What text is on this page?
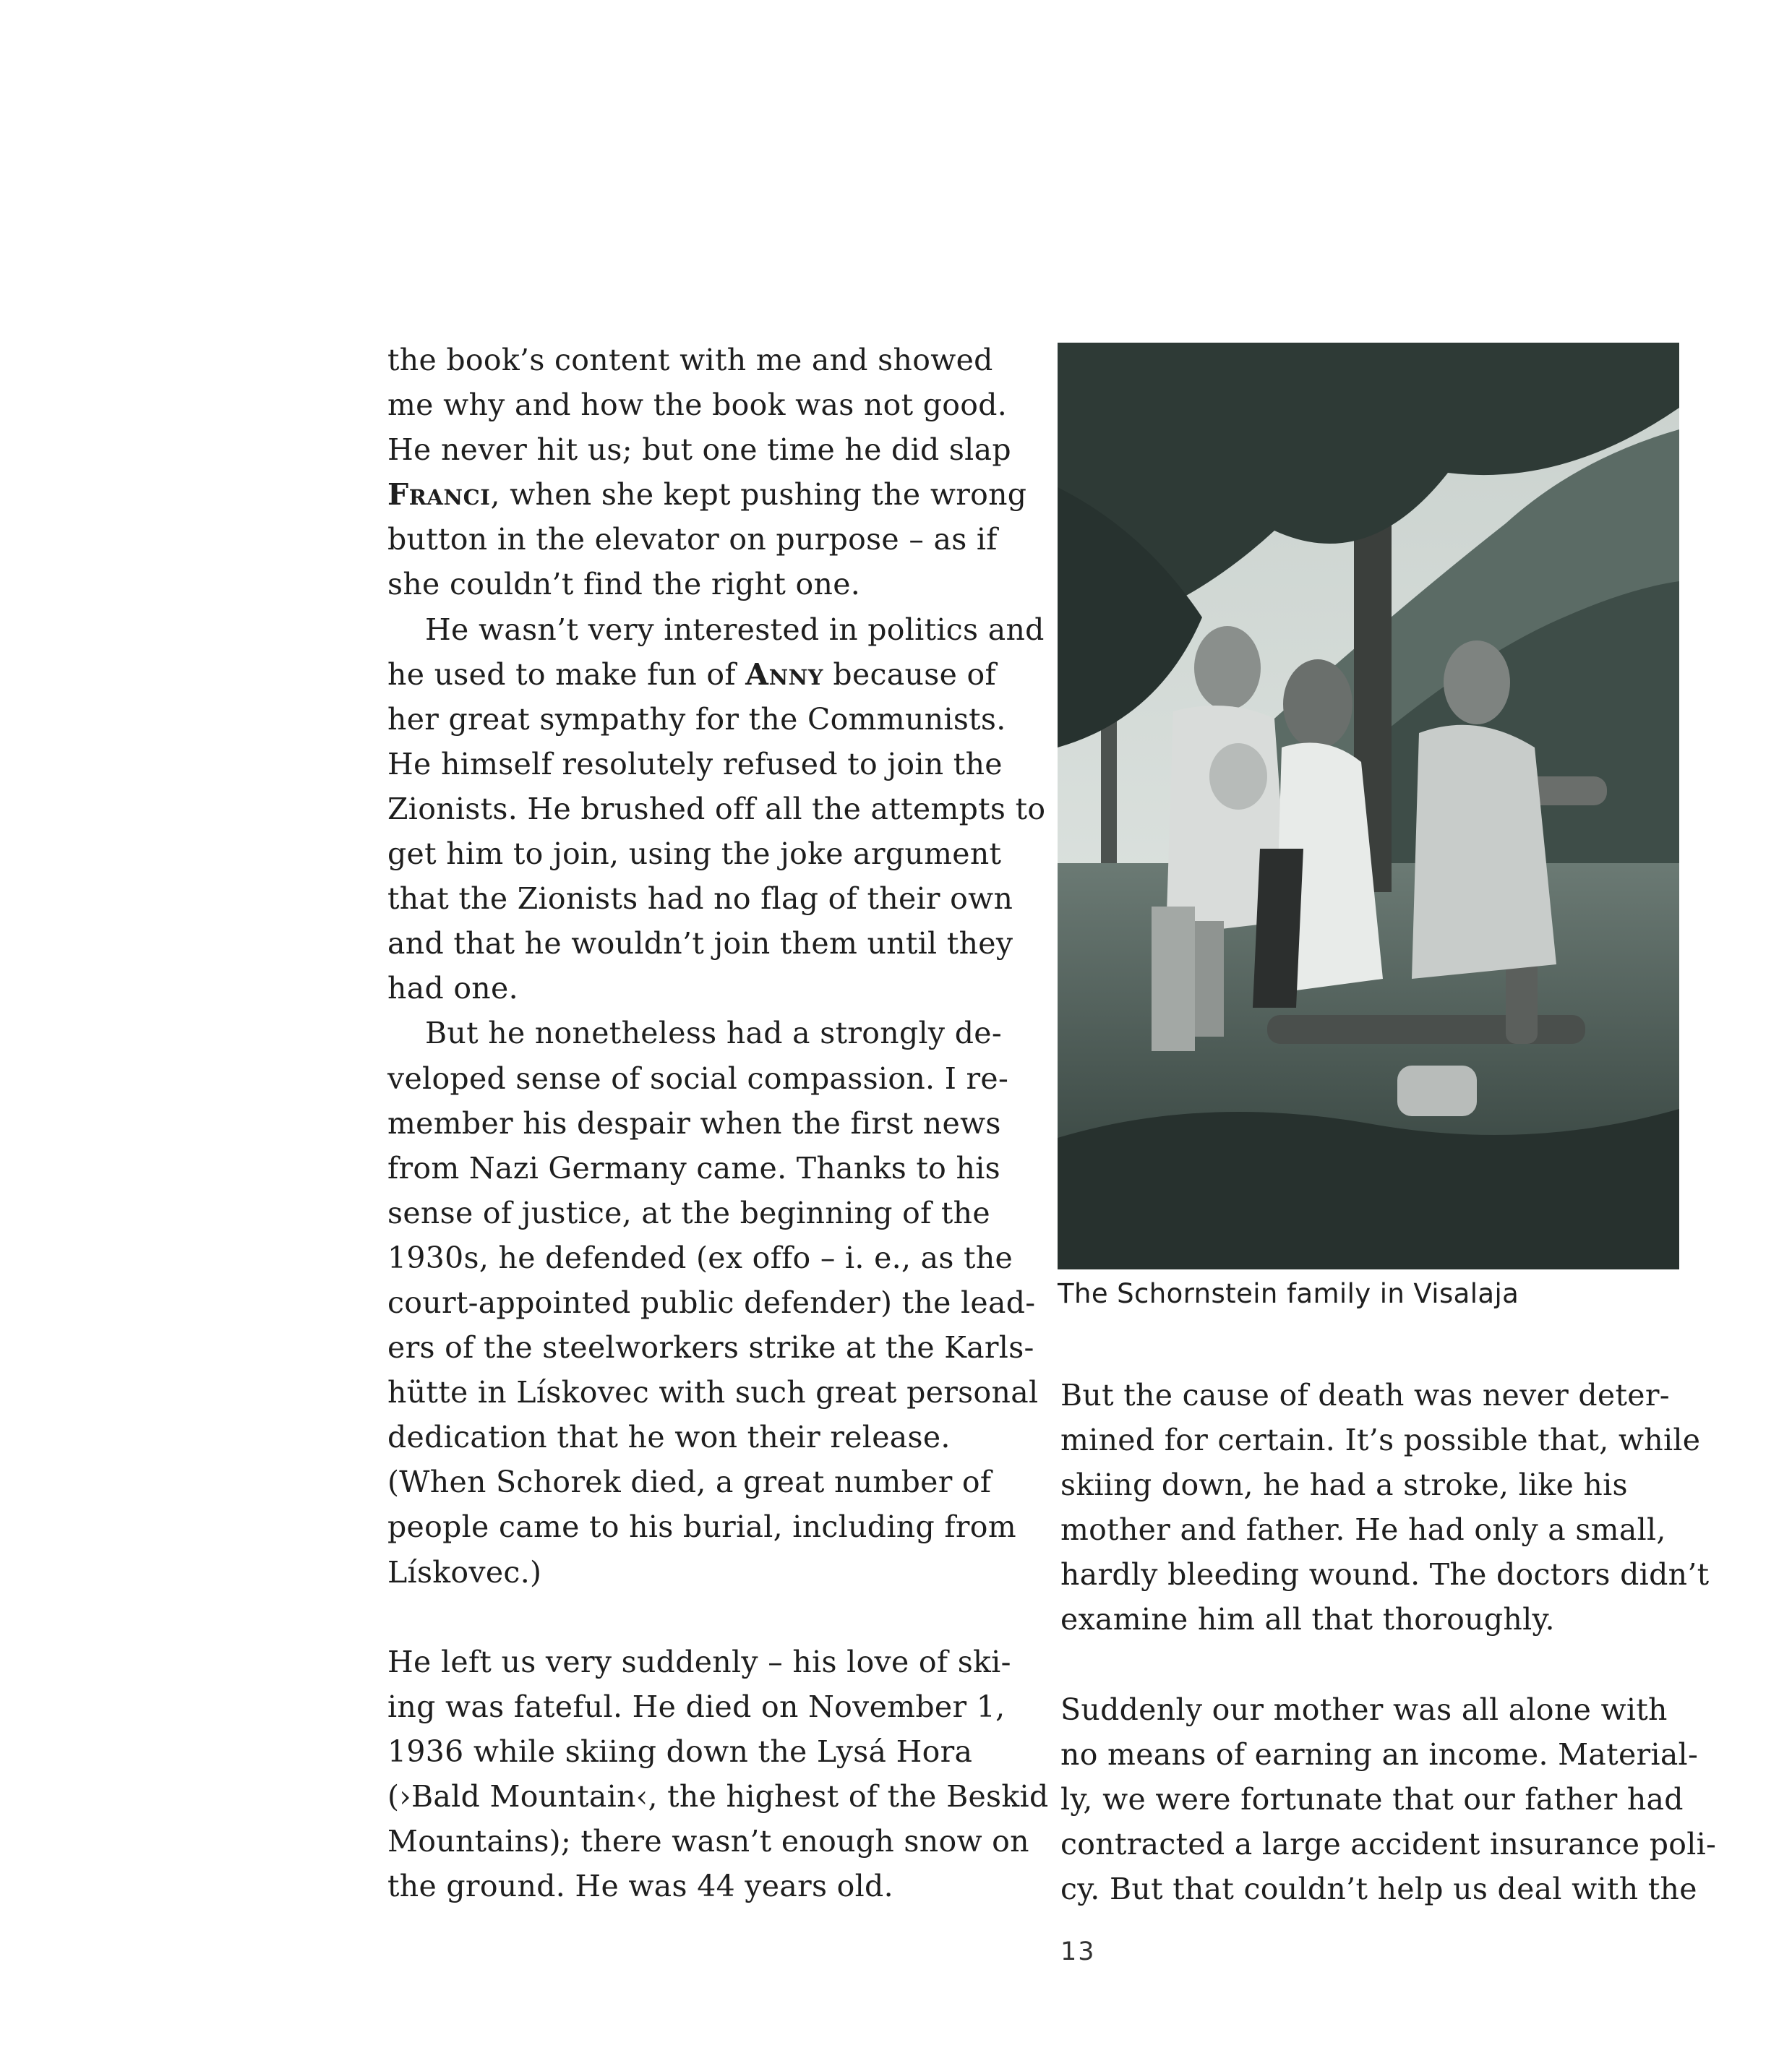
the book’s content with me and showed
me why and how the book was not good.
He never hit us; but one time he did slap
Franci, when she kept pushing the wrong
button in the elevator on purpose – as if
she couldn’t find the right one.
He wasn’t very interested in politics and
he used to make fun of Anny because of
her great sympathy for the Communists.
He himself resolutely refused to join the
Zionists. He brushed off all the attempts to
get him to join, using the joke argument
that the Zionists had no flag of their own
and that he wouldn’t join them until they
had one.
But he nonetheless had a strongly de-
veloped sense of social compassion. I re-
member his despair when the first news
from Nazi Germany came. Thanks to his
sense of justice, at the beginning of the
1930s, he defended (ex offo – i. e., as the
court-appointed public defender) the lead-
ers of the steelworkers strike at the Karls-
hütte in Lískovec with such great personal
dedication that he won their release.
(When Schorek died, a great number of
people came to his burial, including from
Lískovec.)
He left us very suddenly – his love of ski-
ing was fateful. He died on November 1,
1936 while skiing down the Lysá Hora
(›Bald Mountain‹, the highest of the Beskid
Mountains); there wasn’t enough snow on
the ground. He was 44 years old.
The Schornstein family in Visalaja
But the cause of death was never deter-
mined for certain. It’s possible that, while
skiing down, he had a stroke, like his
mother and father. He had only a small,
hardly bleeding wound. The doctors didn’t
examine him all that thoroughly.
Suddenly our mother was all alone with
no means of earning an income. Material-
ly, we were fortunate that our father had
contracted a large accident insurance poli-
cy. But that couldn’t help us deal with the
13
